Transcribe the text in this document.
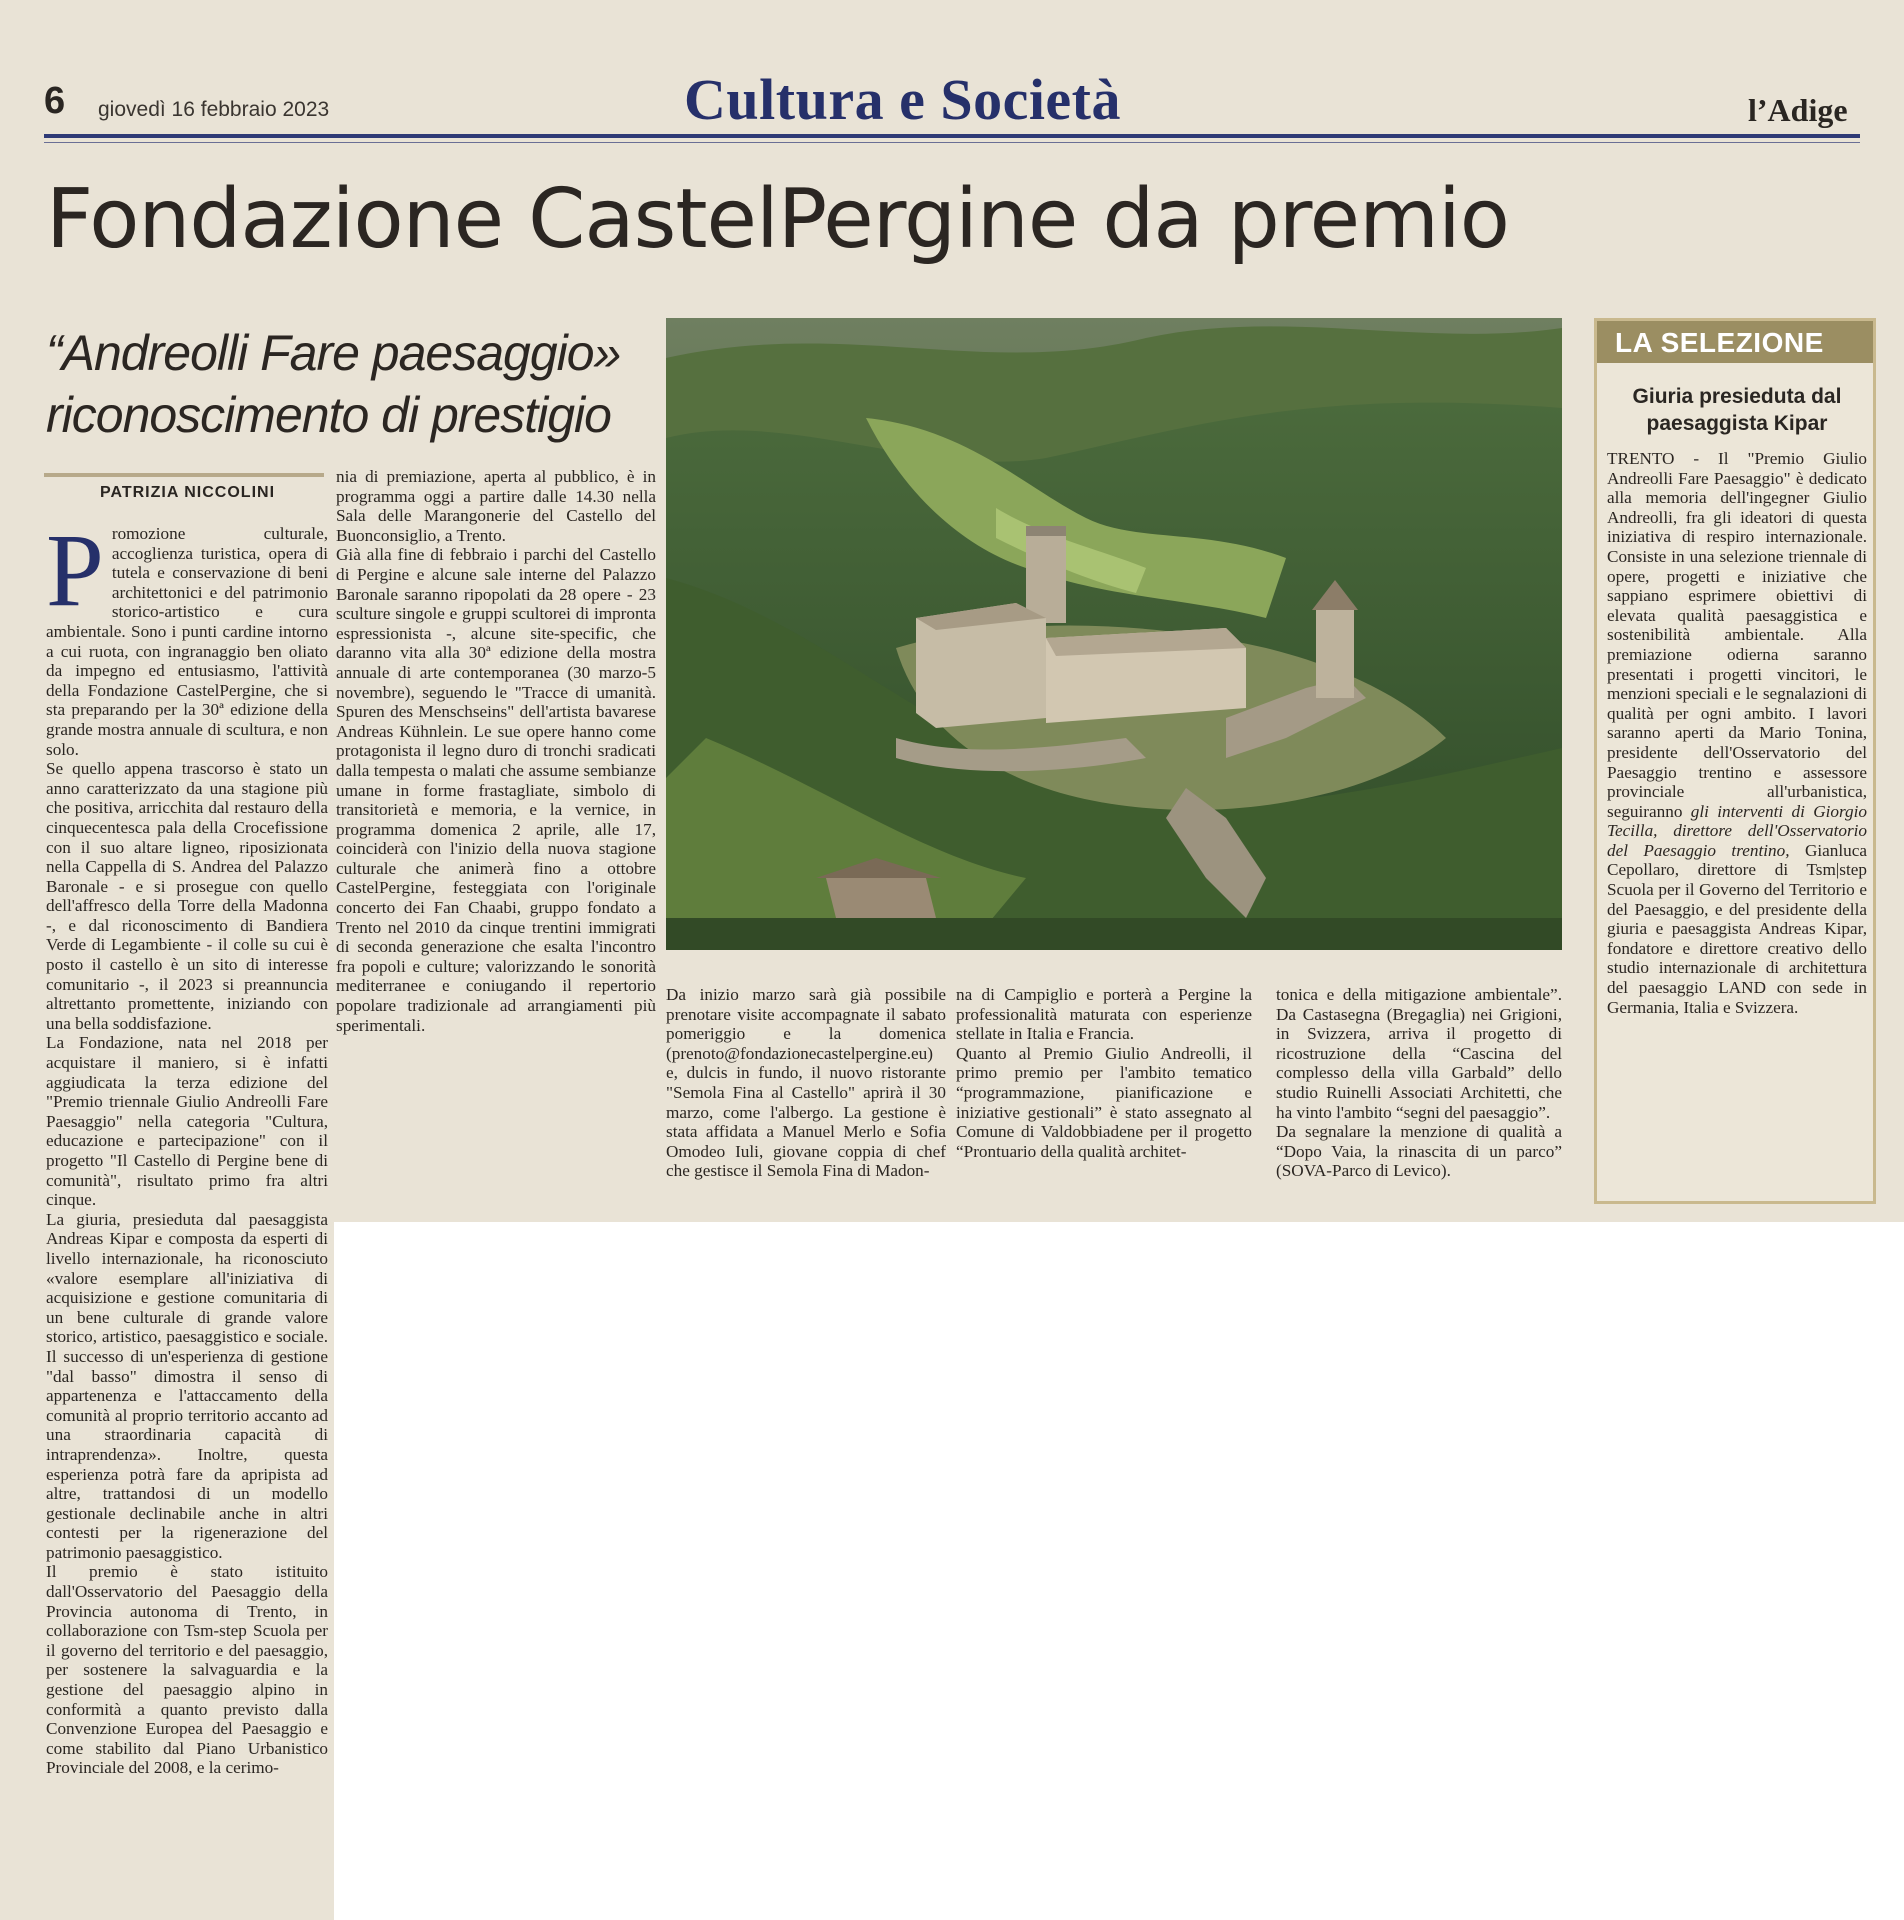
6 giovedì 16 febbraio 2023	Cultura e Società	l’Adige
Fondazione CastelPergine da premio
“Andreolli Fare paesaggio» riconoscimento di prestigio
PATRIZIA NICCOLINI
P romozione culturale, accoglienza turistica, opera di tutela e conservazione di beni architettonici e del patrimonio storico-artistico e cura ambientale. Sono i punti cardine intorno a cui ruota, con ingranaggio ben oliato da impegno ed entusiasmo, l'attività della Fondazione CastelPergine, che si sta preparando per la 30ª edizione della grande mostra annuale di scultura, e non solo.

Se quello appena trascorso è stato un anno caratterizzato da una stagione più che positiva, arricchita dal restauro della cinquecentesca pala della Crocefissione con il suo altare ligneo, riposizionata nella Cappella di S. Andrea del Palazzo Baronale - e si prosegue con quello dell'affresco della Torre della Madonna -, e dal riconoscimento di Bandiera Verde di Legambiente - il colle su cui è posto il castello è un sito di interesse comunitario -, il 2023 si preannuncia altrettanto promettente, iniziando con una bella soddisfazione.

La Fondazione, nata nel 2018 per acquistare il maniero, si è infatti aggiudicata la terza edizione del "Premio triennale Giulio Andreolli Fare Paesaggio" nella categoria "Cultura, educazione e partecipazione" con il progetto "Il Castello di Pergine bene di comunità", risultato primo fra altri cinque.

La giuria, presieduta dal paesaggista Andreas Kipar e composta da esperti di livello internazionale, ha riconosciuto «valore esemplare all'iniziativa di acquisizione e gestione comunitaria di un bene culturale di grande valore storico, artistico, paesaggistico e sociale. Il successo di un'esperienza di gestione "dal basso" dimostra il senso di appartenenza e l'attaccamento della comunità al proprio territorio accanto ad una straordinaria capacità di intraprendenza». Inoltre, questa esperienza potrà fare da apripista ad altre, trattandosi di un modello gestionale declinabile anche in altri contesti per la rigenerazione del patrimonio paesaggistico.

Il premio è stato istituito dall'Osservatorio del Paesaggio della Provincia autonoma di Trento, in collaborazione con Tsm-step Scuola per il governo del territorio e del paesaggio, per sostenere la salvaguardia e la gestione del paesaggio alpino in conformità a quanto previsto dalla Convenzione Europea del Paesaggio e come stabilito dal Piano Urbanistico Provinciale del 2008, e la cerimo-

nia di premiazione, aperta al pubblico, è in programma oggi a partire dalle 14.30 nella Sala delle Marangonerie del Castello del Buonconsiglio, a Trento.

Già alla fine di febbraio i parchi del Castello di Pergine e alcune sale interne del Palazzo Baronale saranno ripopolati da 28 opere - 23 sculture singole e gruppi scultorei di impronta espressionista -, alcune site-specific, che daranno vita alla 30ª edizione della mostra annuale di arte contemporanea (30 marzo-5 novembre), seguendo le "Tracce di umanità. Spuren des Menschseins" dell'artista bavarese Andreas Kühnlein. Le sue opere hanno come protagonista il legno duro di tronchi sradicati dalla tempesta o malati che assume sembianze umane in forme frastagliate, simbolo di transitorietà e memoria, e la vernice, in programma domenica 2 aprile, alle 17, coinciderà con l'inizio della nuova stagione culturale che animerà fino a ottobre CastelPergine, festeggiata con l'originale concerto dei Fan Chaabi, gruppo fondato a Trento nel 2010 da cinque trentini immigrati di seconda generazione che esalta l'incontro fra popoli e culture; valorizzando le sonorità mediterranee e coniugando il repertorio popolare tradizionale ad arrangiamenti più sperimentali.

Da inizio marzo sarà già possibile prenotare visite accompagnate il sabato pomeriggio e la domenica (prenoto@fondazionecastelpergine.eu) e, dulcis in fundo, il nuovo ristorante "Semola Fina al Castello" aprirà il 30 marzo, come l'albergo. La gestione è stata affidata a Manuel Merlo e Sofia Omodeo Iuli, giovane coppia di chef che gestisce il Semola Fina di Madon-

na di Campiglio e porterà a Pergine la professionalità maturata con esperienze stellate in Italia e Francia.

Quanto al Premio Giulio Andreolli, il primo premio per l'ambito tematico “programmazione, pianificazione e iniziative gestionali” è stato assegnato al Comune di Valdobbiadene per il progetto “Prontuario della qualità architet-

tonica e della mitigazione ambientale”. Da Castasegna (Bregaglia) nei Grigioni, in Svizzera, arriva il progetto di ricostruzione della “Cascina del complesso della villa Garbald” dello studio Ruinelli Associati Architetti, che ha vinto l'ambito “segni del paesaggio”.

Da segnalare la menzione di qualità a “Dopo Vaia, la rinascita di un parco” (SOVA-Parco di Levico).

LA SELEZIONE
Giuria presieduta dal paesaggista Kipar
TRENTO - Il "Premio Giulio Andreolli Fare Paesaggio" è dedicato alla memoria dell'ingegner Giulio Andreolli, fra gli ideatori di questa iniziativa di respiro internazionale. Consiste in una selezione triennale di opere, progetti e iniziative che sappiano esprimere obiettivi di elevata qualità paesaggistica e sostenibilità ambientale. Alla premiazione odierna saranno presentati i progetti vincitori, le menzioni speciali e le segnalazioni di qualità per ogni ambito. I lavori saranno aperti da Mario Tonina, presidente dell'Osservatorio del Paesaggio trentino e assessore provinciale all'urbanistica, seguiranno gli interventi di Giorgio Tecilla, direttore dell'Osservatorio del Paesaggio trentino, Gianluca Cepollaro, direttore di Tsm|step Scuola per il Governo del Territorio e del Paesaggio, e del presidente della giuria e paesaggista Andreas Kipar, fondatore e direttore creativo dello studio internazionale di architettura del paesaggio LAND con sede in Germania, Italia e Svizzera.
